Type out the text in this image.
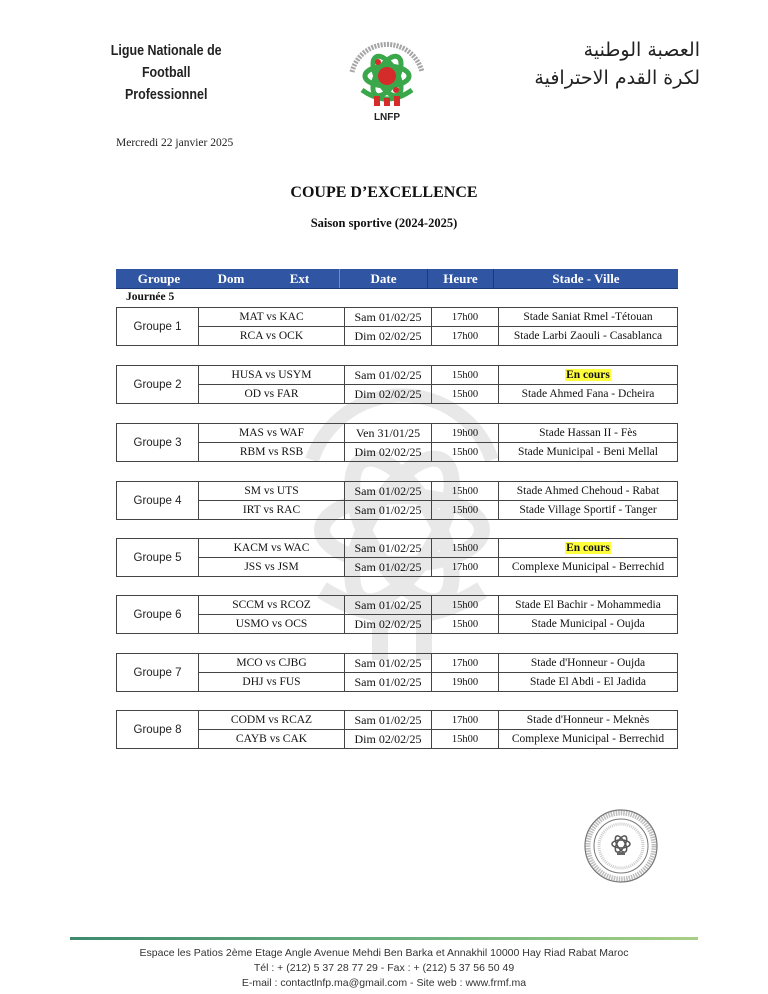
Ligue Nationale de
Football Professionnel
LNFP
العصبة الوطنية
لكرة القدم الاحترافية
Mercredi 22 janvier 2025
COUPE D’EXCELLENCE
Saison sportive (2024-2025)
Groupe	Dom	Ext	Date	Heure	Stade - Ville
Journée 5
Groupe 1
MAT vs KAC	Sam 01/02/25	17h00	Stade Saniat Rmel -Tétouan
RCA vs OCK	Dim 02/02/25	17h00	Stade Larbi Zaouli - Casablanca
Groupe 2
HUSA vs USYM	Sam 01/02/25	15h00	En cours
OD vs FAR	Dim 02/02/25	15h00	Stade Ahmed Fana - Dcheira
Groupe 3
MAS vs WAF	Ven 31/01/25	19h00	Stade Hassan II - Fès
RBM vs RSB	Dim 02/02/25	15h00	Stade Municipal - Beni Mellal
Groupe 4
SM vs UTS	Sam 01/02/25	15h00	Stade Ahmed Chehoud - Rabat
IRT vs RAC	Sam 01/02/25	15h00	Stade Village Sportif - Tanger
Groupe 5
KACM vs WAC	Sam 01/02/25	15h00	En cours
JSS vs JSM	Sam 01/02/25	17h00	Complexe Municipal - Berrechid
Groupe 6
SCCM vs RCOZ	Sam 01/02/25	15h00	Stade El Bachir - Mohammedia
USMO vs OCS	Dim 02/02/25	15h00	Stade Municipal - Oujda
Groupe 7
MCO vs CJBG	Sam 01/02/25	17h00	Stade d'Honneur - Oujda
DHJ vs FUS	Sam 01/02/25	19h00	Stade El Abdi - El Jadida
Groupe 8
CODM vs RCAZ	Sam 01/02/25	17h00	Stade d'Honneur - Meknès
CAYB vs CAK	Dim 02/02/25	15h00	Complexe Municipal - Berrechid
Espace les Patios 2ème Etage Angle Avenue Mehdi Ben Barka et Annakhil 10000 Hay Riad Rabat Maroc
Tél : + (212) 5 37 28 77 29 - Fax : + (212) 5 37 56 50 49
E-mail : contactlnfp.ma@gmail.com - Site web : www.frmf.ma
